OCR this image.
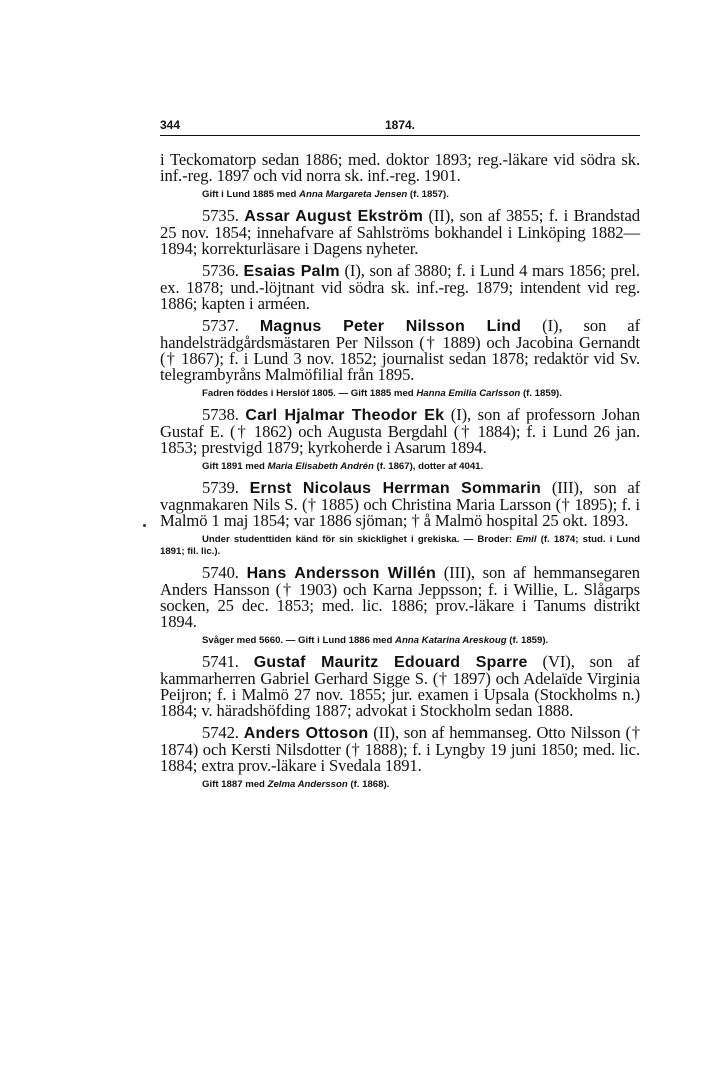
344	1874.

i Teckomatorp sedan 1886; med. doktor 1893; reg.-läkare vid södra sk. inf.-reg. 1897 och vid norra sk. inf.-reg. 1901.

Gift i Lund 1885 med Anna Margareta Jensen (f. 1857).

5735. Assar August Ekström (II), son af 3855; f. i Brandstad 25 nov. 1854; innehafvare af Sahlströms bokhandel i Linköping 1882—1894; korrekturläsare i Dagens nyheter.

5736. Esaias Palm (I), son af 3880; f. i Lund 4 mars 1856; prel. ex. 1878; und.-löjtnant vid södra sk. inf.-reg. 1879; intendent vid reg. 1886; kapten i arméen.

5737. Magnus Peter Nilsson Lind (I), son af handelsträdgårdsmästaren Per Nilsson († 1889) och Jacobina Gernandt († 1867); f. i Lund 3 nov. 1852; journalist sedan 1878; redaktör vid Sv. telegrambyråns Malmöfilial från 1895.

Fadren föddes i Herslöf 1805. — Gift 1885 med Hanna Emilia Carlsson (f. 1859).

5738. Carl Hjalmar Theodor Ek (I), son af professorn Johan Gustaf E. († 1862) och Augusta Bergdahl († 1884); f. i Lund 26 jan. 1853; prestvigd 1879; kyrkoherde i Asarum 1894.

Gift 1891 med Maria Elisabeth Andrén (f. 1867), dotter af 4041.

5739. Ernst Nicolaus Herrman Sommarin (III), son af vagnmakaren Nils S. († 1885) och Christina Maria Larsson († 1895); f. i Malmö 1 maj 1854; var 1886 sjöman; † å Malmö hospital 25 okt. 1893.

Under studenttiden känd för sin skicklighet i grekiska. — Broder: Emil (f. 1874; stud. i Lund 1891; fil. lic.).

5740. Hans Andersson Willén (III), son af hemmansegaren Anders Hansson († 1903) och Karna Jeppsson; f. i Willie, L. Slågarps socken, 25 dec. 1853; med. lic. 1886; prov.-läkare i Tanums distrikt 1894.

Svåger med 5660. — Gift i Lund 1886 med Anna Katarina Areskoug (f. 1859).

5741. Gustaf Mauritz Edouard Sparre (VI), son af kammarherren Gabriel Gerhard Sigge S. († 1897) och Adelaïde Virginia Peijron; f. i Malmö 27 nov. 1855; jur. examen i Upsala (Stockholms n.) 1884; v. häradshöfding 1887; advokat i Stockholm sedan 1888.

5742. Anders Ottoson (II), son af hemmanseg. Otto Nilsson († 1874) och Kersti Nilsdotter († 1888); f. i Lyngby 19 juni 1850; med. lic. 1884; extra prov.-läkare i Svedala 1891.

Gift 1887 med Zelma Andersson (f. 1868).
